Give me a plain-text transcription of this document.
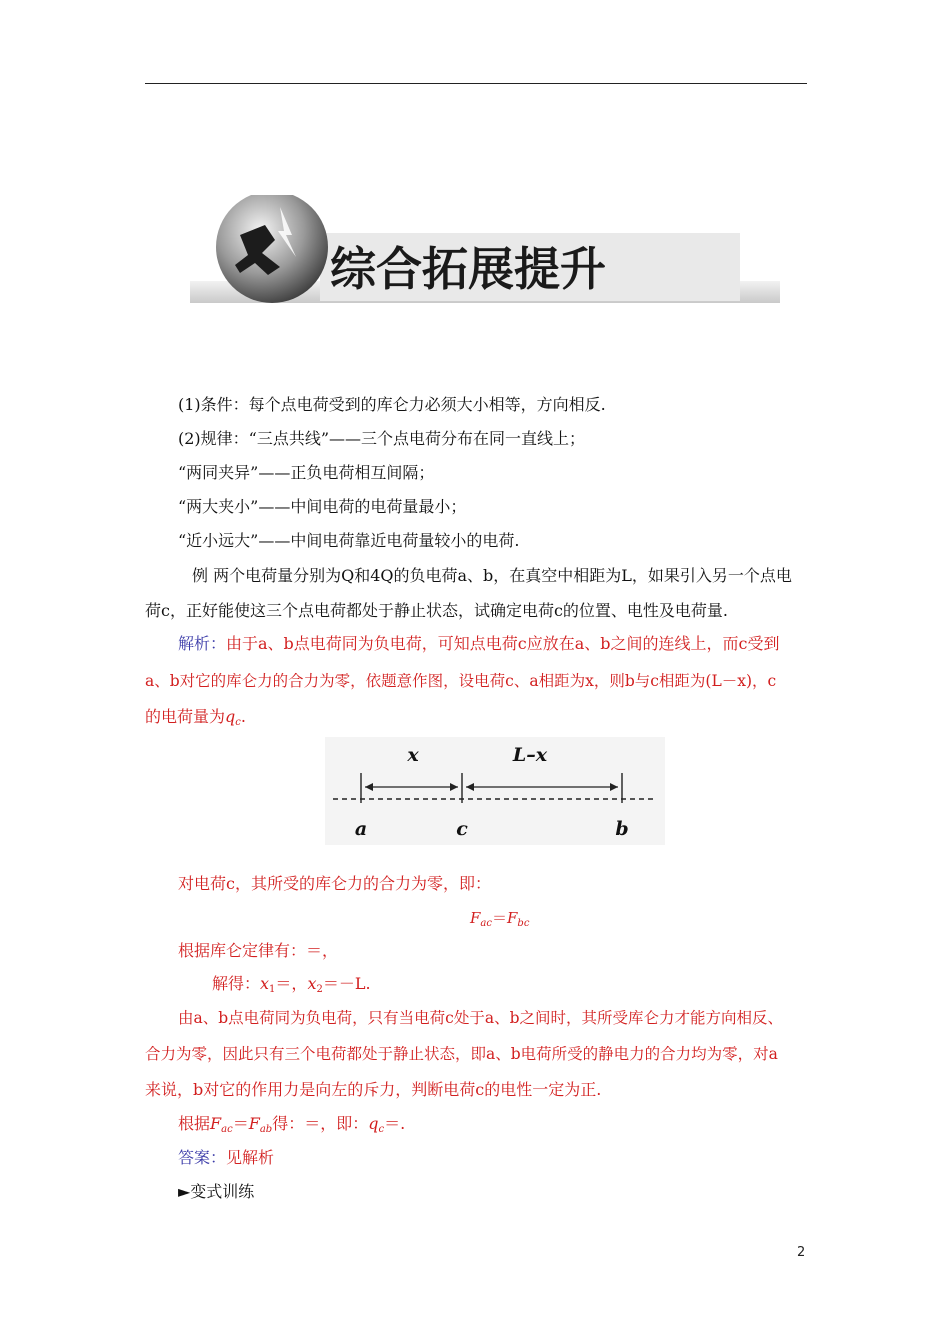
综合拓展提升
(1)条件：每个点电荷受到的库仑力必须大小相等，方向相反.
(2)规律：“三点共线”——三个点电荷分布在同一直线上；
“两同夹异”——正负电荷相互间隔；
“两大夹小”——中间电荷的电荷量最小；
“近小远大”——中间电荷靠近电荷量较小的电荷.
例 两个电荷量分别为Q和4Q的负电荷a、b，在真空中相距为L，如果引入另一个点电
荷c，正好能使这三个点电荷都处于静止状态，试确定电荷c的位置、电性及电荷量.
解析：由于a、b点电荷同为负电荷，可知点电荷c应放在a、b之间的连线上，而c受到
a、b对它的库仑力的合力为零，依题意作图，设电荷c、a相距为x，则b与c相距为(L－x)，c
的电荷量为$q_c$.
x	L–x
a	c	b
对电荷c，其所受的库仑力的合力为零，即：
$F_{ac}=F_{bc}$
根据库仑定律有：＝，
解得：$x_1=$，$x_2=-L$.
由a、b点电荷同为负电荷，只有当电荷c处于a、b之间时，其所受库仑力才能方向相反、
合力为零，因此只有三个电荷都处于静止状态，即a、b电荷所受的静电力的合力均为零，对a
来说，b对它的作用力是向左的斥力，判断电荷c的电性一定为正.
根据$F_{ac}=F_{ab}$得：＝，即：$q_c=$.
答案：见解析
►变式训练
2
